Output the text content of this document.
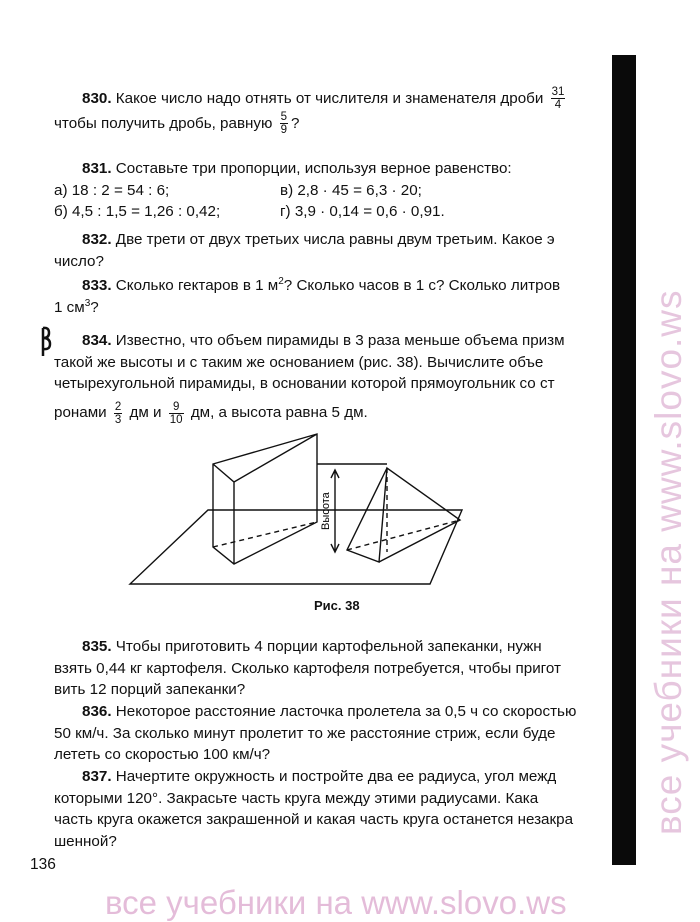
830. Какое число надо отнять от числителя и знаменателя дроби $\frac{31}{4}$

чтобы получить дробь, равную $\frac{5}{9}$ ?
831. Составьте три пропорции, используя верное равенство:
а) 18 : 2 = 54 : 6;	в) 2,8 · 45 = 6,3 · 20;
б) 4,5 : 1,5 = 1,26 : 0,42;	г) 3,9 · 0,14 = 0,6 · 0,91.
832. Две трети от двух третьих числа равны двум третьим. Какое э
число?
833. Сколько гектаров в 1 $м^2$? Сколько часов в 1 с? Сколько литров
1 $см^3$?
834. Известно, что объем пирамиды в 3 раза меньше объема призм
такой же высоты и с таким же основанием (рис. 38). Вычислите объе
четырехугольной пирамиды, в основании которой прямоугольник со ст
ронами $\frac{2}{3}$ дм и $\frac{9}{10}$ дм, а высота равна 5 дм.
Высота
Рис. 38
835. Чтобы приготовить 4 порции картофельной запеканки, нужн
взять 0,44 кг картофеля. Сколько картофеля потребуется, чтобы пригот
вить 12 порций запеканки?
836. Некоторое расстояние ласточка пролетела за 0,5 ч со скоростью
50 км/ч. За сколько минут пролетит то же расстояние стриж, если буде
лететь со скоростью 100 км/ч?
837. Начертите окружность и постройте два ее радиуса, угол межд
которыми 120°. Закрасьте часть круга между этими радиусами. Кака
часть круга окажется закрашенной и какая часть круга останется незакра
шенной?
136
все учебники на www.slovo.ws
все учебники на www.slovo.ws
